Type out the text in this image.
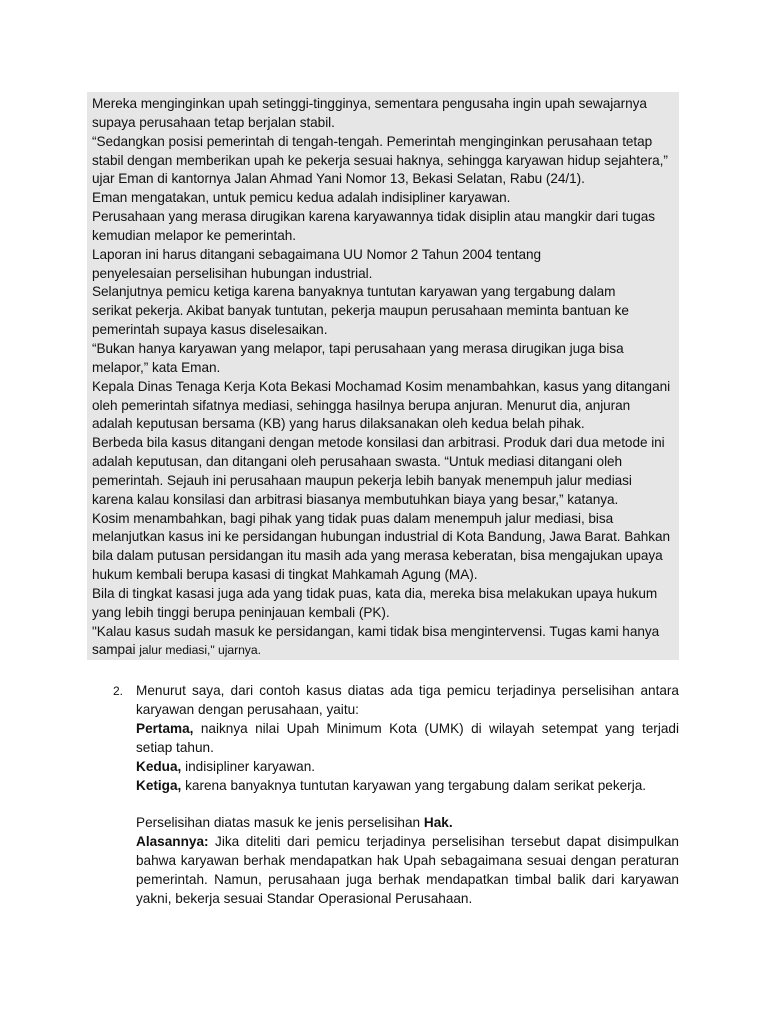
Mereka menginginkan upah setinggi-tingginya, sementara pengusaha ingin upah sewajarnya
supaya perusahaan tetap berjalan stabil.
“Sedangkan posisi pemerintah di tengah-tengah. Pemerintah menginginkan perusahaan tetap
stabil dengan memberikan upah ke pekerja sesuai haknya, sehingga karyawan hidup sejahtera,”
ujar Eman di kantornya Jalan Ahmad Yani Nomor 13, Bekasi Selatan, Rabu (24/1).
Eman mengatakan, untuk pemicu kedua adalah indisipliner karyawan.
Perusahaan yang merasa dirugikan karena karyawannya tidak disiplin atau mangkir dari tugas
kemudian melapor ke pemerintah.
Laporan ini harus ditangani sebagaimana UU Nomor 2 Tahun 2004 tentang
penyelesaian perselisihan hubungan industrial.
Selanjutnya pemicu ketiga karena banyaknya tuntutan karyawan yang tergabung dalam
serikat pekerja. Akibat banyak tuntutan, pekerja maupun perusahaan meminta bantuan ke
pemerintah supaya kasus diselesaikan.
“Bukan hanya karyawan yang melapor, tapi perusahaan yang merasa dirugikan juga bisa
melapor,” kata Eman.
Kepala Dinas Tenaga Kerja Kota Bekasi Mochamad Kosim menambahkan, kasus yang ditangani
oleh pemerintah sifatnya mediasi, sehingga hasilnya berupa anjuran. Menurut dia, anjuran
adalah keputusan bersama (KB) yang harus dilaksanakan oleh kedua belah pihak.
Berbeda bila kasus ditangani dengan metode konsilasi dan arbitrasi. Produk dari dua metode ini
adalah keputusan, dan ditangani oleh perusahaan swasta. “Untuk mediasi ditangani oleh
pemerintah. Sejauh ini perusahaan maupun pekerja lebih banyak menempuh jalur mediasi
karena kalau konsilasi dan arbitrasi biasanya membutuhkan biaya yang besar,” katanya.
Kosim menambahkan, bagi pihak yang tidak puas dalam menempuh jalur mediasi, bisa
melanjutkan kasus ini ke persidangan hubungan industrial di Kota Bandung, Jawa Barat. Bahkan
bila dalam putusan persidangan itu masih ada yang merasa keberatan, bisa mengajukan upaya
hukum kembali berupa kasasi di tingkat Mahkamah Agung (MA).
Bila di tingkat kasasi juga ada yang tidak puas, kata dia, mereka bisa melakukan upaya hukum
yang lebih tinggi berupa peninjauan kembali (PK).
"Kalau kasus sudah masuk ke persidangan, kami tidak bisa mengintervensi. Tugas kami hanya
sampai jalur mediasi," ujarnya.
2. Menurut saya, dari contoh kasus diatas ada tiga pemicu terjadinya perselisihan antara karyawan dengan perusahaan, yaitu:

Pertama, naiknya nilai Upah Minimum Kota (UMK) di wilayah setempat yang terjadi setiap tahun.

Kedua, indisipliner karyawan.

Ketiga, karena banyaknya tuntutan karyawan yang tergabung dalam serikat pekerja.

Perselisihan diatas masuk ke jenis perselisihan Hak.

Alasannya: Jika diteliti dari pemicu terjadinya perselisihan tersebut dapat disimpulkan bahwa karyawan berhak mendapatkan hak Upah sebagaimana sesuai dengan peraturan pemerintah. Namun, perusahaan juga berhak mendapatkan timbal balik dari karyawan yakni, bekerja sesuai Standar Operasional Perusahaan.
